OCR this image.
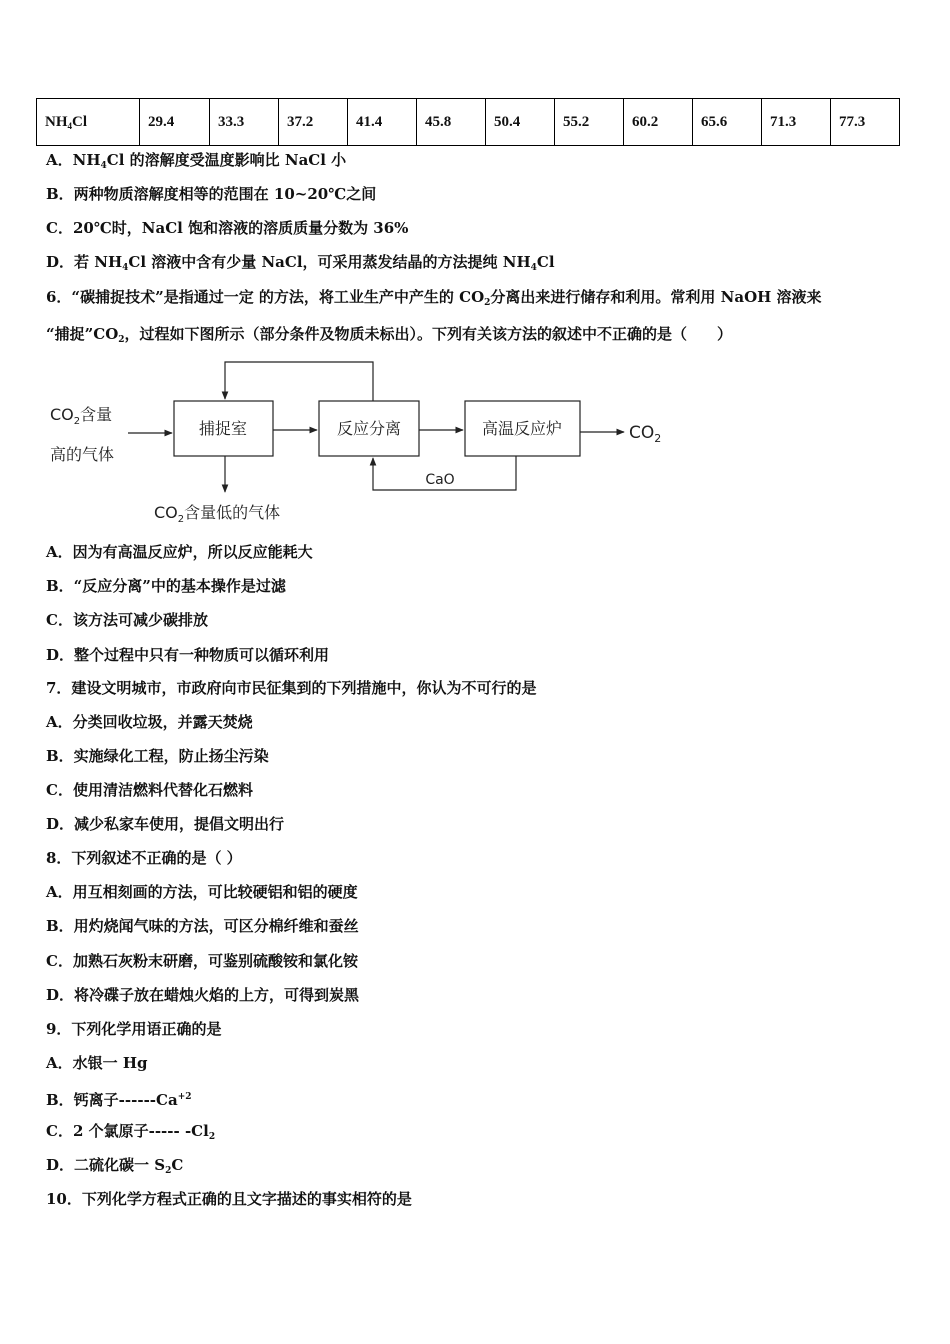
$NH_4Cl$	29.4	33.3	37.2	41.4	45.8	50.4	55.2	60.2	65.6	71.3	77.3
A．$NH_4Cl$ 的溶解度受温度影响比 NaCl 小
B．两种物质溶解度相等的范围在 10~20℃之间
C．20℃时，NaCl 饱和溶液的溶质质量分数为 36%
D．若 $NH_4Cl$ 溶液中含有少量 NaCl，可采用蒸发结晶的方法提纯 $NH_4Cl$
6．“碳捕捉技术”是指通过一定 的方法，将工业生产中产生的 $CO_2$分离出来进行储存和利用。常利用 NaOH 溶液来
“捕捉$”CO_2$，过程如下图所示（部分条件及物质未标出）。下列有关该方法的叙述中不正确的是（　　）
$CO_2$含量
高的气体
捕捉室	反应分离	高温反应炉	$CO_2$
CaO
$CO_2$含量低的气体
A．因为有高温反应炉，所以反应能耗大
B．“反应分离”中的基本操作是过滤
C．该方法可减少碳排放
D．整个过程中只有一种物质可以循环利用
7．建设文明城市，市政府向市民征集到的下列措施中，你认为不可行的是
A．分类回收垃圾，并露天焚烧
B．实施绿化工程，防止扬尘污染
C．使用清洁燃料代替化石燃料
D．减少私家车使用，提倡文明出行
8．下列叙述不正确的是（ ）
A．用互相刻画的方法，可比较硬铝和铝的硬度
B．用灼烧闻气味的方法，可区分棉纤维和蚕丝
C．加熟石灰粉末研磨，可鉴别硫酸铵和氯化铵
D．将冷碟子放在蜡烛火焰的上方，可得到炭黑
9．下列化学用语正确的是
A．水银一 Hg
B．钙离子$------Ca^{+2}$
C．2 个氯原子----- $-Cl_2$
D．二硫化碳一 $S_2C$
10．下列化学方程式正确的且文字描述的事实相符的是
